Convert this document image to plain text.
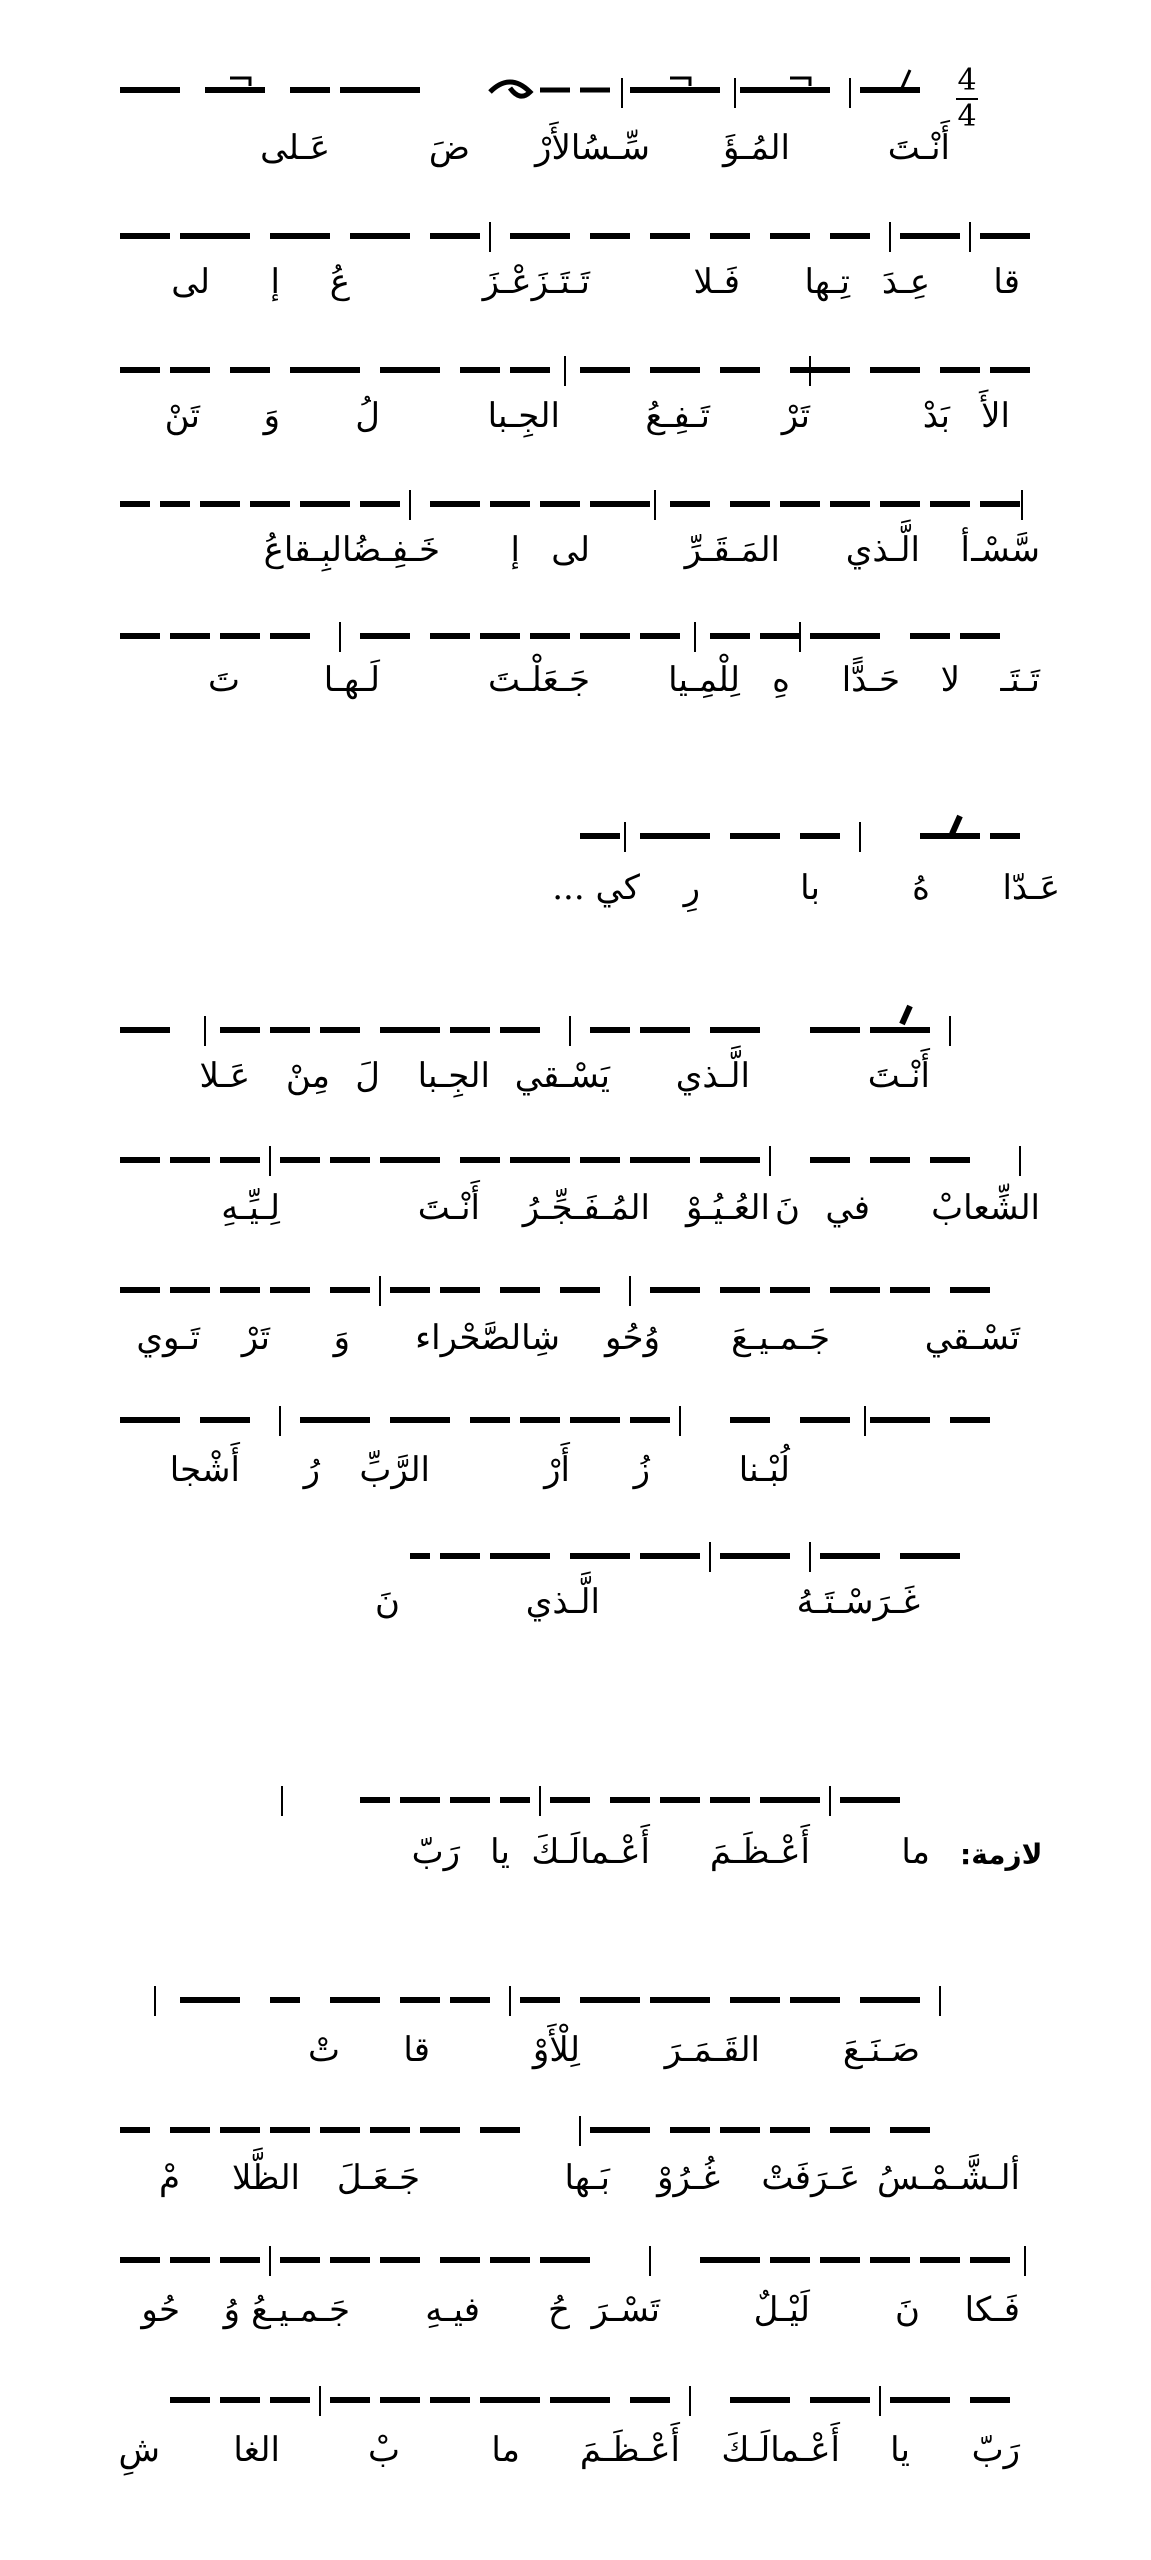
4
4
أَنْـتَ
المُـؤَ
سِّـسُالأَرْ
ضَ
عَـلى
قا
عِـدَ
تِـها
فَـلا
تَـتَـزَعْـزَ
عُ
إ
لى
الأَ
بَدْ
تَرْ
تَـفِـعُ
الجِـبا
لُ
وَ
تَنْ
خَـفِـضُالبِـقاعُ إ لى	المَـقَـرِّ الَّـذي أ سَّسْـ
تَ لَـهـا	جَـعَلْـتَ لِلْمِـيا هِ حَـدًّا لا تَـتَـ
عَـدّا
هُ
با
رِ
كي ...
أَنْـتَ
الَّـذي
يَسْـقي
الجِـبا
لَ
مِنْ
عَـلا
لِـيِّـهِ	أَنْـتَ المُـفَـجِّـرُ العُـيُـوْ نَ في الشِّعابْ
تَسْـقي
جَـمـيـعَ
وُحُو
شِالصَّحْراء
وَ
تَرْ
تَـوي
أَشْجا رُ الرَّبِّ	أَرْ زُ	لُبْـنا
نَ	الَّـذي	غَـرَسْـتَـهُ
لازمة:
ما
أَعْـظَـمَ
أَعْـمالَـكَ
يا
رَبّ
صَـنَـعَ
القَـمَـرَ
لِلْأَوْ
قا
تْ
ألـشَّـمْـسُ
عَـرَفَتْ
غُـرُوْ
بَـها
جَـعَـلَ
الظَّلا
مْ
فَـكا
نَ
لَيْـلٌ
تَسْـرَ
حُ
فيـهِ
جَـمـيـعُ
وُ
حُو
شِ الغا	بْ	ما أَعْـظَـمَ أَعْـمالَـكَ يا رَبّ
